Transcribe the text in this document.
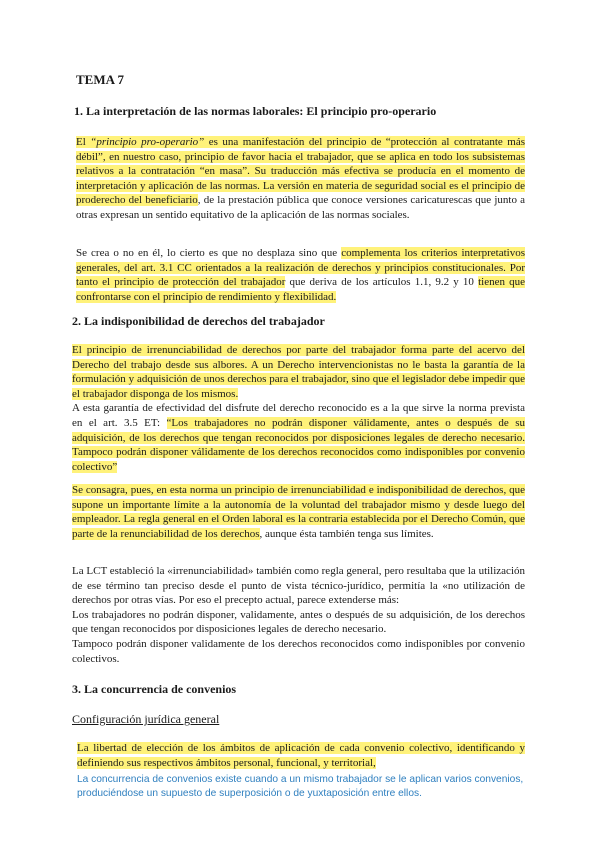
TEMA 7
1. La interpretación de las normas laborales: El principio pro-operario

El “principio pro-operario” es una manifestación del principio de “protección al contratante más débil”, en nuestro caso, principio de favor hacia el trabajador, que se aplica en todo los subsistemas relativos a la contratación “en masa”. Su traducción más efectiva se producía en el momento de interpretación y aplicación de las normas. La versión en materia de seguridad social es el principio de proderecho del beneficiario, de la prestación pública que conoce versiones caricaturescas que junto a otras expresan un sentido equitativo de la aplicación de las normas sociales.

Se crea o no en él, lo cierto es que no desplaza sino que complementa los criterios interpretativos generales, del art. 3.1 CC orientados a la realización de derechos y principios constitucionales. Por tanto el principio de protección del trabajador que deriva de los artículos 1.1, 9.2 y 10 tienen que confrontarse con el principio de rendimiento y flexibilidad.

2. La indisponibilidad de derechos del trabajador

El principio de irrenunciabilidad de derechos por parte del trabajador forma parte del acervo del Derecho del trabajo desde sus albores. A un Derecho intervencionistas no le basta la garantía de la formulación y adquisición de unos derechos para el trabajador, sino que el legislador debe impedir que el trabajador disponga de los mismos.

A esta garantía de efectividad del disfrute del derecho reconocido es a la que sirve la norma prevista en el art. 3.5 ET: “Los trabajadores no podrán disponer válidamente, antes o después de su adquisición, de los derechos que tengan reconocidos por disposiciones legales de derecho necesario. Tampoco podrán disponer válidamente de los derechos reconocidos como indisponibles por convenio colectivo”

Se consagra, pues, en esta norma un principio de irrenunciabilidad e indisponibilidad de derechos, que supone un importante límite a la autonomía de la voluntad del trabajador mismo y desde luego del empleador. La regla general en el Orden laboral es la contraria establecida por el Derecho Común, que parte de la renunciabilidad de los derechos, aunque ésta también tenga sus límites.

La LCT estableció la «irrenunciabilidad» también como regla general, pero resultaba que la utilización de ese término tan preciso desde el punto de vista técnico-jurídico, permitía la «no utilización de derechos por otras vías. Por eso el precepto actual, parece extenderse más:

Los trabajadores no podrán disponer, validamente, antes o después de su adquisición, de los derechos que tengan reconocidos por disposiciones legales de derecho necesario.

Tampoco podrán disponer validamente de los derechos reconocidos como indisponibles por convenio colectivos.

3. La concurrencia de convenios
Configuración jurídica general

La libertad de elección de los ámbitos de aplicación de cada convenio colectivo, identificando y definiendo sus respectivos ámbitos personal, funcional, y territorial,

La concurrencia de convenios existe cuando a un mismo trabajador se le aplican varios convenios, produciéndose un supuesto de superposición o de yuxtaposición entre ellos.
